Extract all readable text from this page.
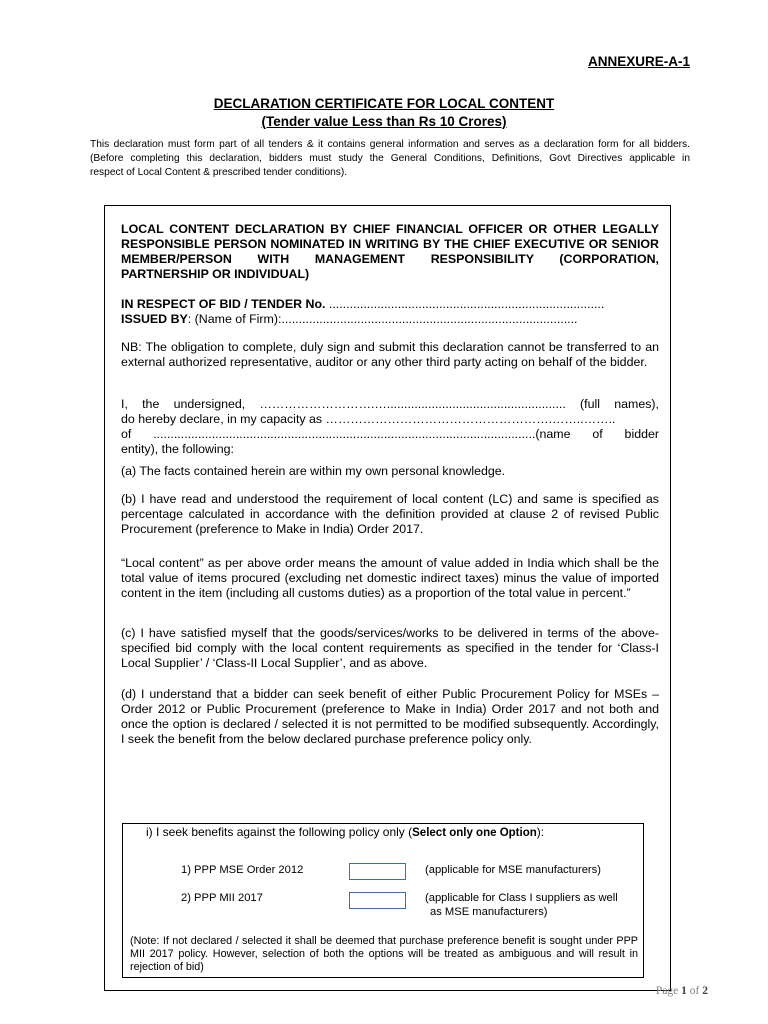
ANNEXURE-A-1
DECLARATION CERTIFICATE FOR LOCAL CONTENT
(Tender value Less than Rs 10 Crores)

This declaration must form part of all tenders & it contains general information and serves as a declaration form for all bidders.

(Before completing this declaration, bidders must study the General Conditions, Definitions, Govt Directives applicable in

respect of Local Content & prescribed tender conditions).

LOCAL CONTENT DECLARATION BY CHIEF FINANCIAL OFFICER OR OTHER LEGALLY RESPONSIBLE PERSON NOMINATED IN WRITING BY THE CHIEF EXECUTIVE OR SENIOR MEMBER/PERSON WITH MANAGEMENT RESPONSIBILITY (CORPORATION, PARTNERSHIP OR INDIVIDUAL)

IN RESPECT OF BID / TENDER No. ................................................................................

ISSUED BY: (Name of Firm):......................................................................................

NB: The obligation to complete, duly sign and submit this declaration cannot be transferred to an external authorized representative, auditor or any other third party acting on behalf of the bidder.

I, the undersigned, ……………………….….................................................... (full names),

do hereby declare, in my capacity as ……………………………………………….……..……..

of ...............................................................................................................(name of bidder

entity), the following:

(a) The facts contained herein are within my own personal knowledge.
(b) I have read and understood the requirement of local content (LC) and same is specified as percentage calculated in accordance with the definition provided at clause 2 of revised Public Procurement (preference to Make in India) Order 2017.
“Local content” as per above order means the amount of value added in India which shall be the total value of items procured (excluding net domestic indirect taxes) minus the value of imported content in the item (including all customs duties) as a proportion of the total value in percent.”
(c) I have satisfied myself that the goods/services/works to be delivered in terms of the above-specified bid comply with the local content requirements as specified in the tender for ‘Class-I Local Supplier’ / ‘Class-II Local Supplier’, and as above.
(d) I understand that a bidder can seek benefit of either Public Procurement Policy for MSEs –Order 2012 or Public Procurement (preference to Make in India) Order 2017 and not both and once the option is declared / selected it is not permitted to be modified subsequently. Accordingly, I seek the benefit from the below declared purchase preference policy only.
i) I seek benefits against the following policy only (Select only one Option):
1) PPP MSE Order 2012	(applicable for MSE manufacturers)
2) PPP MII 2017	(applicable for Class I suppliers as well
as MSE manufacturers)
(Note: If not declared / selected it shall be deemed that purchase preference benefit is sought under PPP MII 2017 policy. However, selection of both the options will be treated as ambiguous and will result in rejection of bid)
Page 1 of 2
